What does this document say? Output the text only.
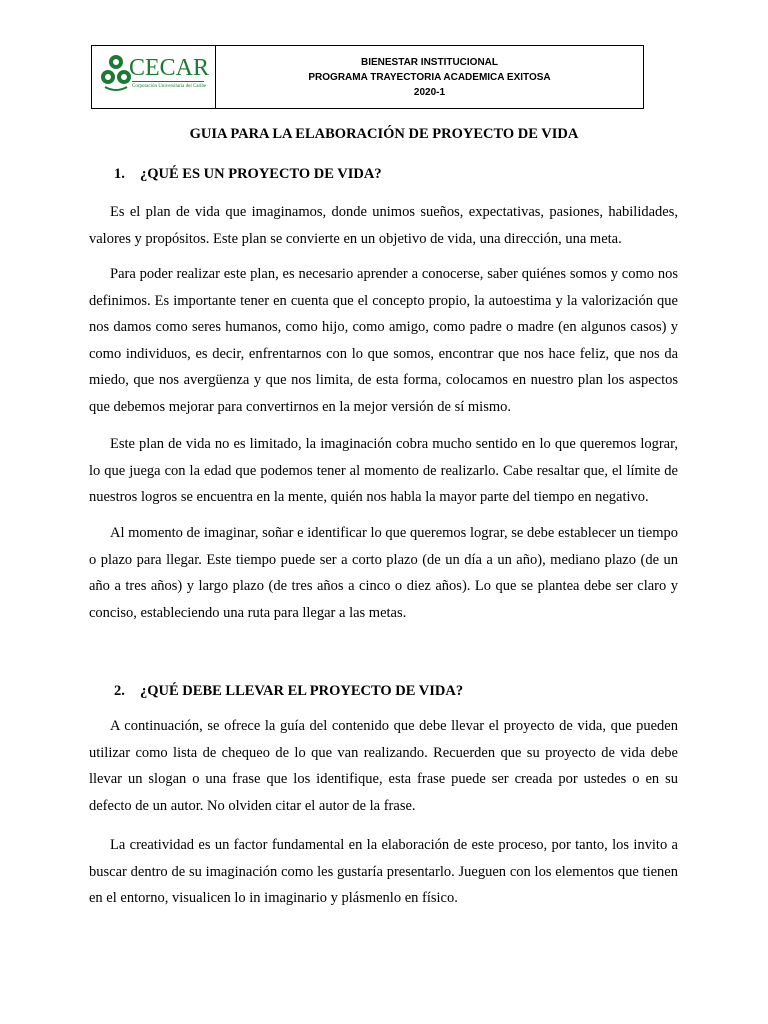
CECAR
Corporación Universitaria del Caribe
BIENESTAR INSTITUCIONAL
PROGRAMA TRAYECTORIA ACADEMICA EXITOSA
2020-1
GUIA PARA LA ELABORACIÓN DE PROYECTO DE VIDA
1. ¿QUÉ ES UN PROYECTO DE VIDA?

Es el plan de vida que imaginamos, donde unimos sueños, expectativas, pasiones, habilidades, valores y propósitos. Este plan se convierte en un objetivo de vida, una dirección, una meta.

Para poder realizar este plan, es necesario aprender a conocerse, saber quiénes somos y como nos definimos. Es importante tener en cuenta que el concepto propio, la autoestima y la valorización que nos damos como seres humanos, como hijo, como amigo, como padre o madre (en algunos casos) y como individuos, es decir, enfrentarnos con lo que somos, encontrar que nos hace feliz, que nos da miedo, que nos avergüenza y que nos limita, de esta forma, colocamos en nuestro plan los aspectos que debemos mejorar para convertirnos en la mejor versión de sí mismo.

Este plan de vida no es limitado, la imaginación cobra mucho sentido en lo que queremos lograr, lo que juega con la edad que podemos tener al momento de realizarlo. Cabe resaltar que, el límite de nuestros logros se encuentra en la mente, quién nos habla la mayor parte del tiempo en negativo.

Al momento de imaginar, soñar e identificar lo que queremos lograr, se debe establecer un tiempo o plazo para llegar. Este tiempo puede ser a corto plazo (de un día a un año), mediano plazo (de un año a tres años) y largo plazo (de tres años a cinco o diez años). Lo que se plantea debe ser claro y conciso, estableciendo una ruta para llegar a las metas.

2. ¿QUÉ DEBE LLEVAR EL PROYECTO DE VIDA?

A continuación, se ofrece la guía del contenido que debe llevar el proyecto de vida, que pueden utilizar como lista de chequeo de lo que van realizando. Recuerden que su proyecto de vida debe llevar un slogan o una frase que los identifique, esta frase puede ser creada por ustedes o en su defecto de un autor. No olviden citar el autor de la frase.

La creatividad es un factor fundamental en la elaboración de este proceso, por tanto, los invito a buscar dentro de su imaginación como les gustaría presentarlo. Jueguen con los elementos que tienen en el entorno, visualicen lo in imaginario y plásmenlo en físico.
